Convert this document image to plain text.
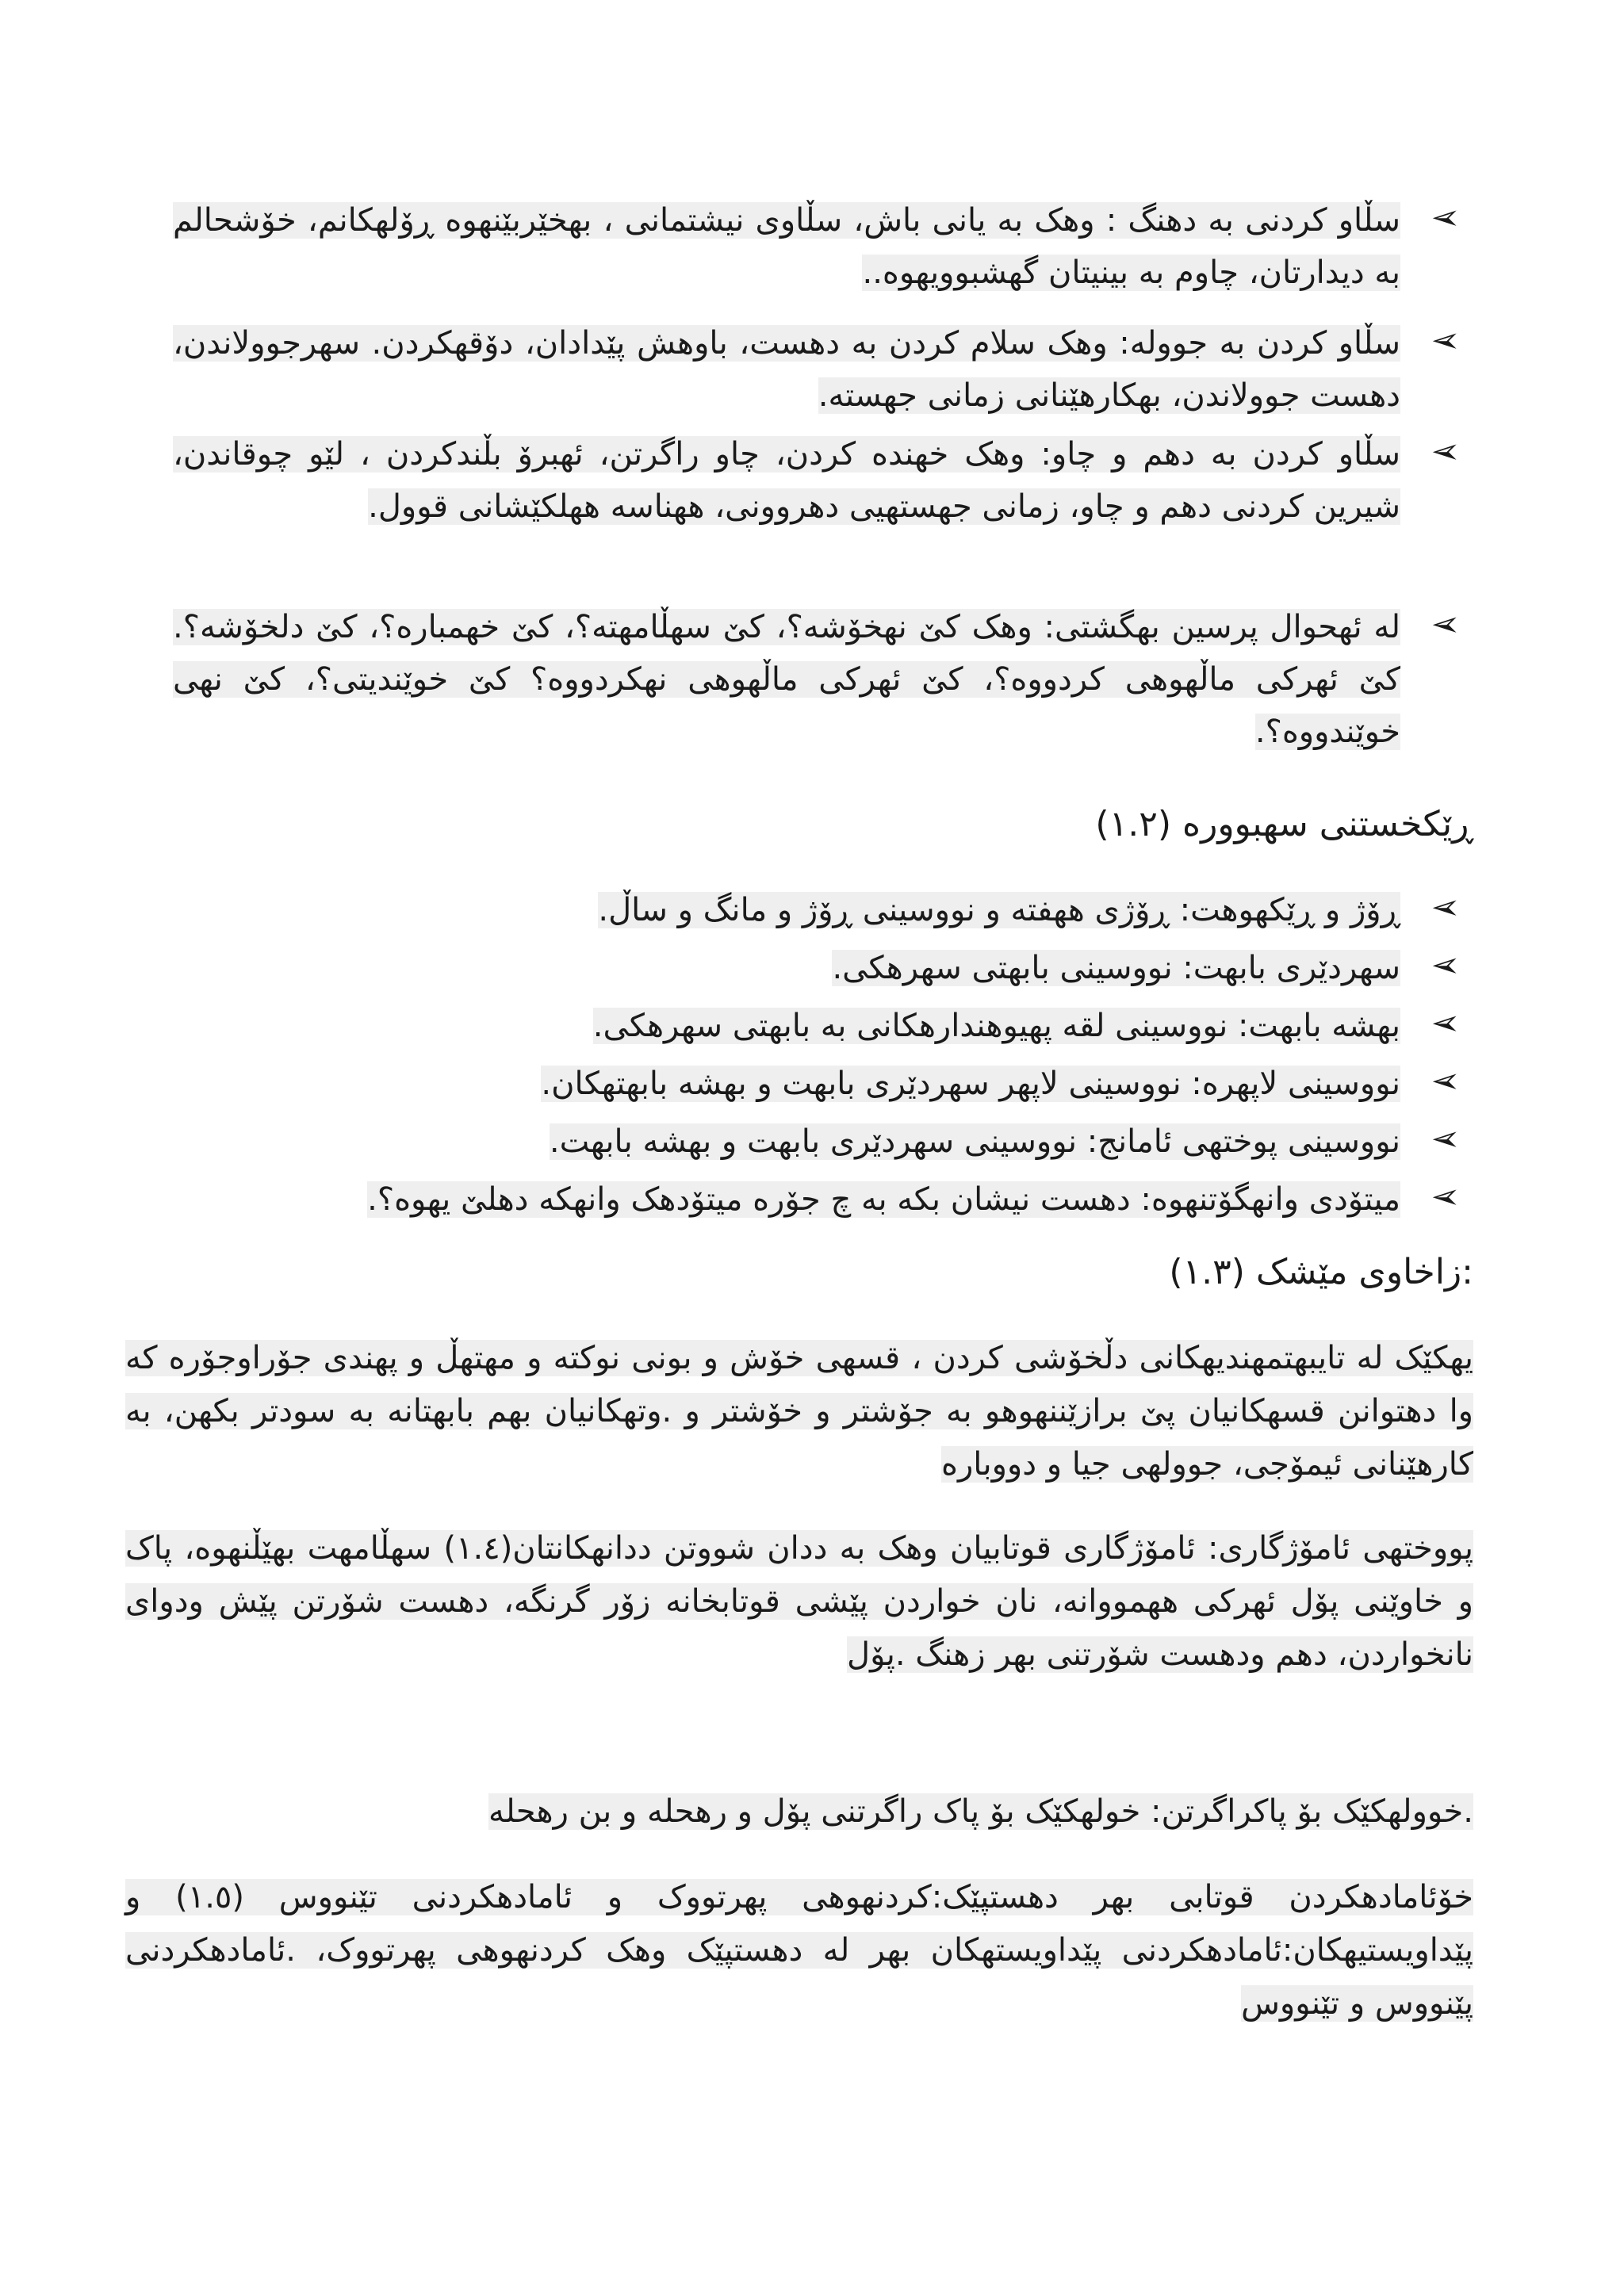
➢
سڵاو کردنی به دهنگ : وهک به یانی باش، سڵاوی نیشتمانی ، بهخێربێنهوه ڕۆلهکانم، خۆشحالم به دیدارتان، چاوم به بینیتان گهشبوویهوه..
➢
سڵاو کردن به جووله: وهک سلام کردن به دهست، باوهش پێدادان، دۆقهکردن. سهرجوولاندن، دهست جوولاندن، بهکارهێنانی زمانی جهسته.
➢
سڵاو کردن به دهم و چاو: وهک خهنده کردن، چاو راگرتن، ئهبرۆ بڵندکردن ، لێو چوقاندن، شیرین کردنی دهم و چاو، زمانی جهستهیی دهروونی، ههناسه ههلکێشانی قوول.
➢
له ئهحوال پرسین بهگشتی: وهک کێ نهخۆشه؟، کێ سهڵامهته؟، کێ خهمباره؟، کێ دلخۆشه؟. کێ ئهرکی ماڵهوهی کردووه؟، کێ ئهرکی ماڵهوهی نهکردووه؟ کێ خوێندیتی؟، کێ نهی خوێندووه؟.
ڕێکخستنی سهبووره (١.٢)
➢
ڕۆژ و ڕێکهوهت: ڕۆژی ههفته و نووسینی ڕۆژ و مانگ و ساڵ.
➢
سهردێری بابهت: نووسینی بابهتی سهرهکی.
➢
بهشه بابهت: نووسینی لقه پهیوهندارهکانی به بابهتی سهرهکی.
➢
نووسینی لاپهره: نووسینی لاپهر سهردێری بابهت و بهشه بابهتهکان.
➢
نووسینی پوختهی ئامانج: نووسینی سهردێری بابهت و بهشه بابهت.
➢
میتۆدی وانهگۆتنهوه: دهست نیشان بکه به چ جۆره میتۆدهک وانهکه دهلێ یهوه؟.
:زاخاوی مێشک (١.٣)
یهکێک له تایبهتمهندیهکانی دڵخۆشی کردن ، قسهی خۆش و بونی نوکته و مهتهڵ و پهندی جۆراوجۆره که وا دهتوانن قسهکانیان پێ برازێننهوهو به جۆشتر و خۆشتر و .وتهکانیان بهم بابهتانه به سودتر بکهن، به کارهێنانی ئیمۆجی، جوولهی جیا و دووباره
پووختهی ئامۆژگاری: ئامۆژگاری قوتابیان وهک به ددان شووتن ددانهکانتان(١.٤) سهڵامهت بهێڵنهوه، پاک و خاوێنی پۆل ئهرکی ههمووانه، نان خواردن پێشی قوتابخانه زۆر گرنگه، دهست شۆرتن پێش ودوای نانخواردن، دهم ودهست شۆرتنی بهر زهنگ .پۆل
.خوولهکێک بۆ پاکراگرتن: خولهکێک بۆ پاک راگرتنی پۆل و رهحله و بن رهحله
خۆئامادهکردن قوتابی بهر دهستپێک:کردنهوهی پهرتووک و ئامادهکردنی تێنووس (١.٥) و پێداویستیهکان:ئامادهکردنی پێداویستهکان بهر له دهستپێک وهک کردنهوهی پهرتووک، .ئامادهکردنی پێنووس و تێنووس
